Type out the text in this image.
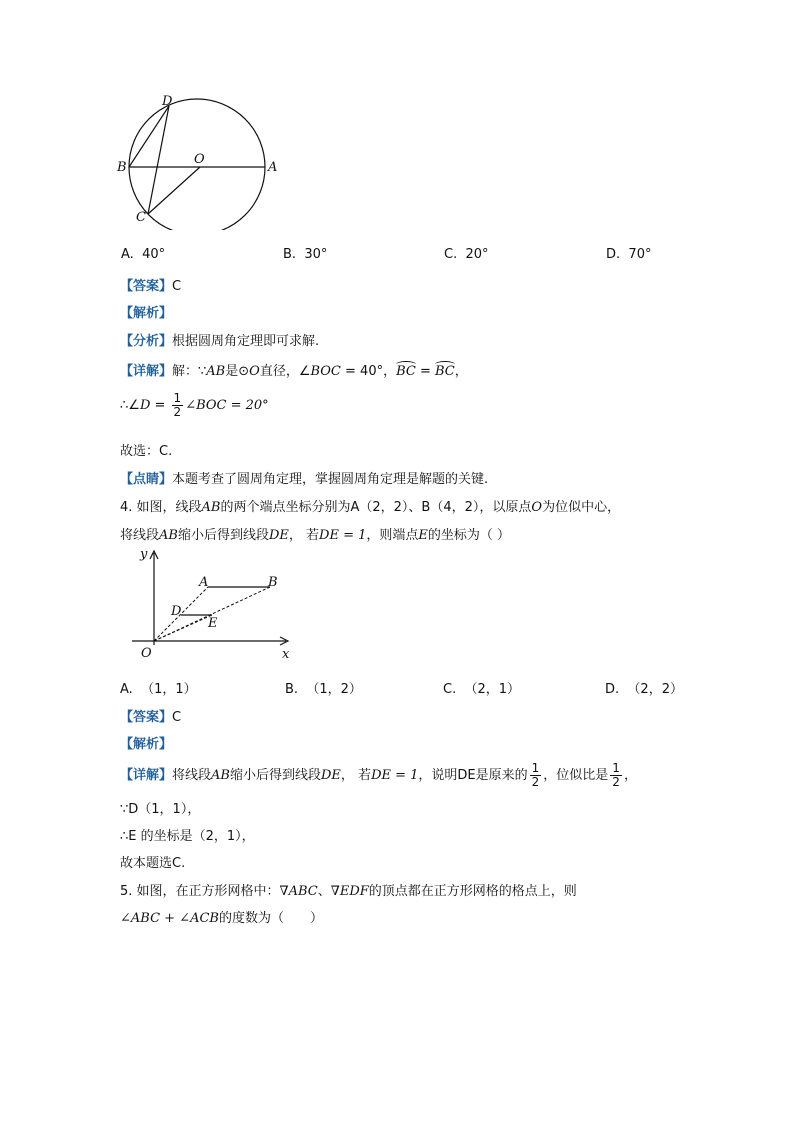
D
B
O
A
C
A. 40°	B. 30°	C. 20°	D. 70°
【答案】C
【解析】
【分析】根据圆周角定理即可求解.
【详解】解：∵AB是⊙O直径，∠BOC = 40°，BC = BC，
∴∠D = $\frac{1}{2}$ ∠BOC = 20°
故选：C.
【点睛】本题考查了圆周角定理，掌握圆周角定理是解题的关键.
4. 如图，线段AB的两个端点坐标分别为A（2，2）、B（4，2），以原点O为位似中心，
将线段AB缩小后得到线段DE， 若DE = 1，则端点E的坐标为（ ）
y
A	B
D
E
O	x
A. （1，1）	B. （1，2）	C. （2，1）	D. （2，2）
【答案】C
【解析】
【详解】将线段AB缩小后得到线段DE， 若DE = 1，说明DE是原来的 $\frac{1}{2}$ ，位似比是 $\frac{1}{2}$ ，
∵D（1，1），
∴E 的坐标是（2，1），
故本题选C.
5. 如图，在正方形网格中：∇ABC、∇EDF的顶点都在正方形网格的格点上，则
∠ABC + ∠ACB的度数为（　　）
